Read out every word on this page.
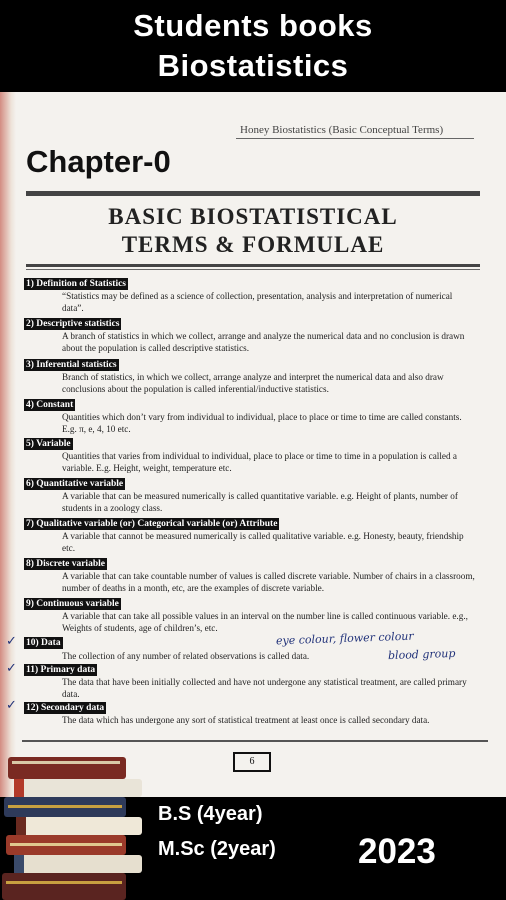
Students books
Biostatistics
Honey Biostatistics (Basic Conceptual Terms)
Chapter-0
BASIC BIOSTATISTICAL
TERMS & FORMULAE
1) Definition of Statistics
“Statistics may be defined as a science of collection, presentation, analysis and interpretation of numerical data”.
2) Descriptive statistics
A branch of statistics in which we collect, arrange and analyze the numerical data and no conclusion is drawn about the population is called descriptive statistics.
3) Inferential statistics
Branch of statistics, in which we collect, arrange analyze and interpret the numerical data and also draw conclusions about the population is called inferential/inductive statistics.
4) Constant
Quantities which don’t vary from individual to individual, place to place or time to time are called constants. E.g. π, e, 4, 10 etc.
5) Variable
Quantities that varies from individual to individual, place to place or time to time in a population is called a variable. E.g. Height, weight, temperature etc.
6) Quantitative variable
A variable that can be measured numerically is called quantitative variable. e.g. Height of plants, number of students in a zoology class.
7) Qualitative variable (or) Categorical variable (or) Attribute
A variable that cannot be measured numerically is called qualitative variable. e.g. Honesty, beauty, friendship etc.
8) Discrete variable
A variable that can take countable number of values is called discrete variable. Number of chairs in a classroom, number of deaths in a month, etc, are the examples of discrete variable.
9) Continuous variable
A variable that can take all possible values in an interval on the number line is called continuous variable. e.g., Weights of students, age of children’s, etc.
✓ 10) Data	eye colour, flower colour
The collection of any number of related observations is called data.	blood group
✓ 11) Primary data
The data that have been initially collected and have not undergone any statistical treatment, are called primary data.
✓ 12) Secondary data
The data which has undergone any sort of statistical treatment at least once is called secondary data.
6
B.S (4year)
M.Sc (2year) 2023
